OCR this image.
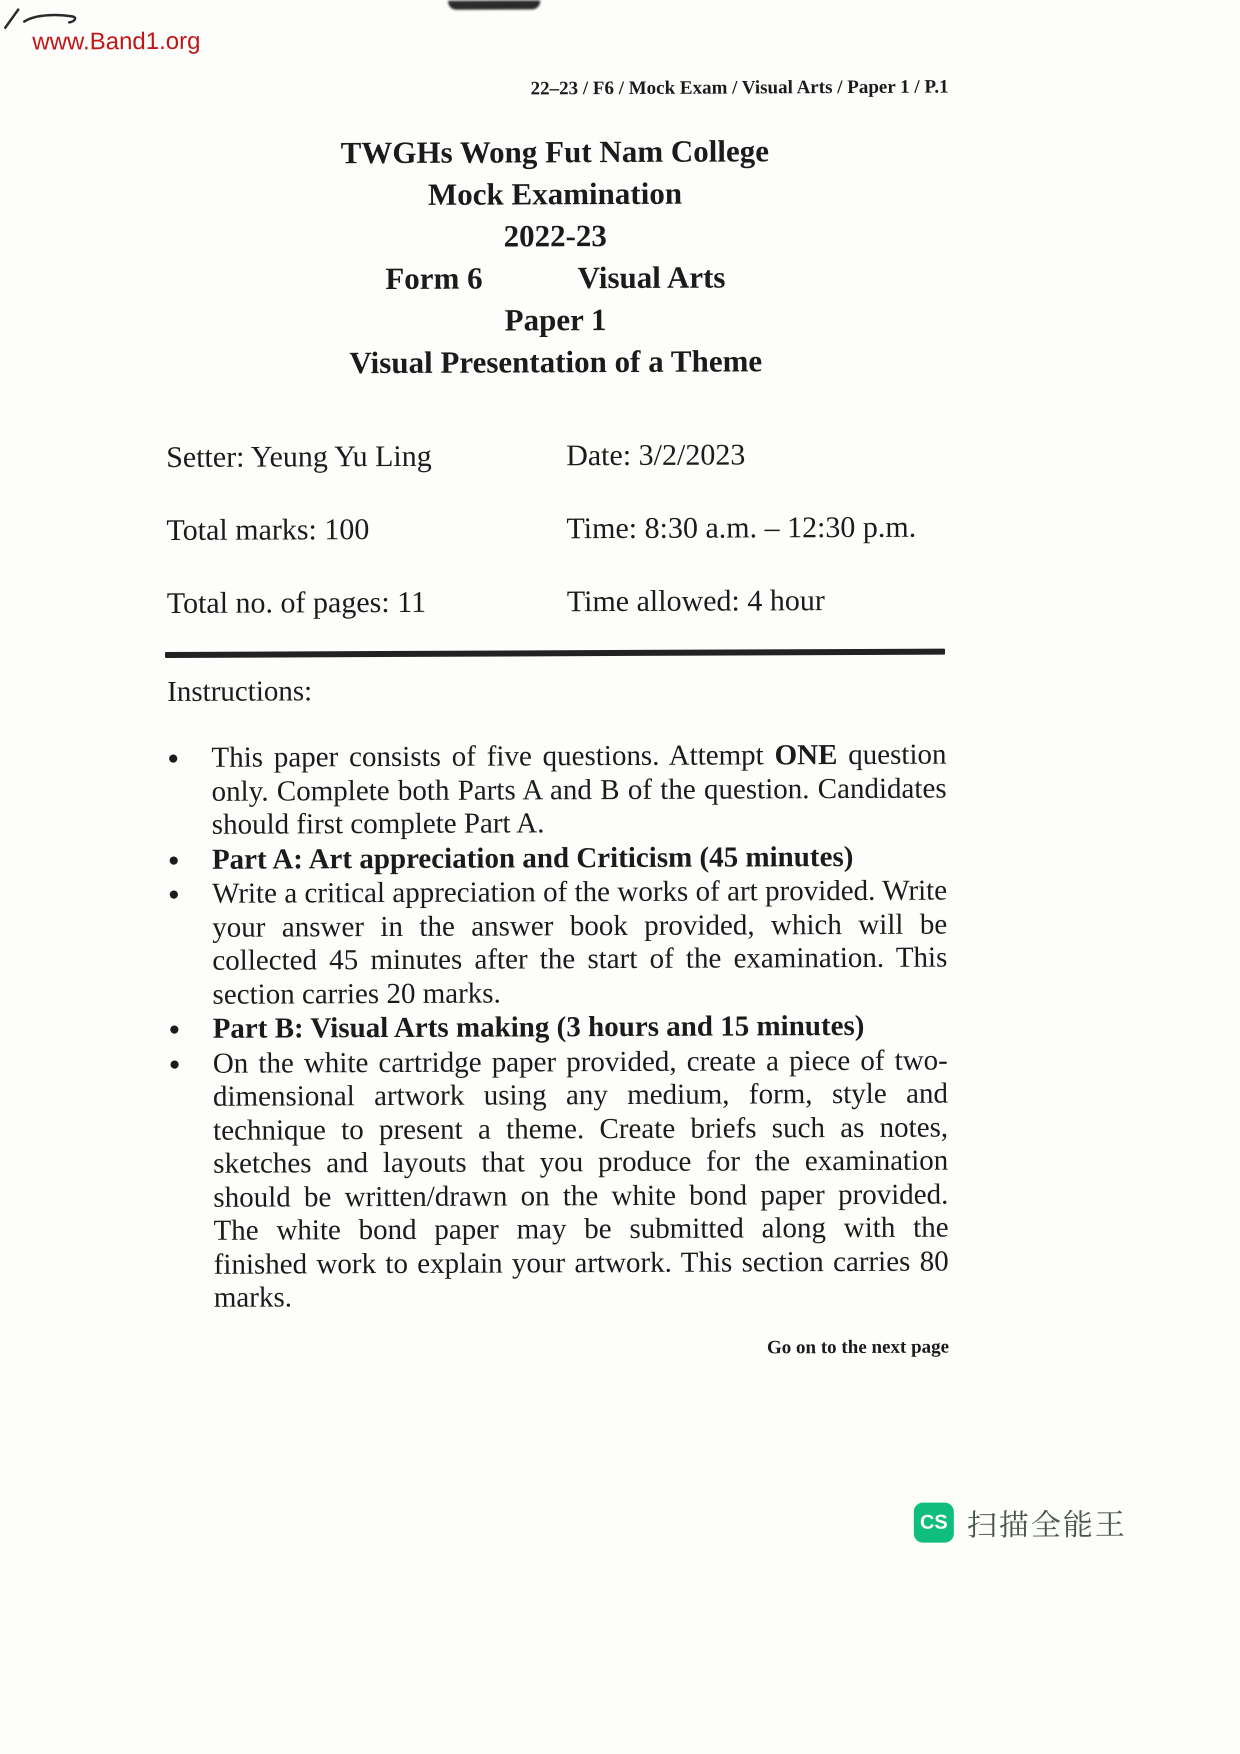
www.Band1.org
22–23 / F6 / Mock Exam / Visual Arts / Paper 1 / P.1
TWGHs Wong Fut Nam College
Mock Examination
2022-23
Form 6	Visual Arts
Paper 1
Visual Presentation of a Theme
Setter: Yeung Yu Ling	Date: 3/2/2023
Total marks: 100	Time: 8:30 a.m. – 12:30 p.m.
Total no. of pages: 11	Time allowed: 4 hour
Instructions:
●	This paper consists of five questions. Attempt ONE question only. Complete both Parts A and B of the question. Candidates should first complete Part A.
●	Part A: Art appreciation and Criticism (45 minutes)
●	Write a critical appreciation of the works of art provided. Write your answer in the answer book provided, which will be collected 45 minutes after the start of the examination. This section carries 20 marks.
●	Part B: Visual Arts making (3 hours and 15 minutes)
●	On the white cartridge paper provided, create a piece of two-dimensional artwork using any medium, form, style and technique to present a theme. Create briefs such as notes, sketches and layouts that you produce for the examination should be written/drawn on the white bond paper provided. The white bond paper may be submitted along with the finished work to explain your artwork. This section carries 80 marks.
Go on to the next page
CS 扫描全能王
